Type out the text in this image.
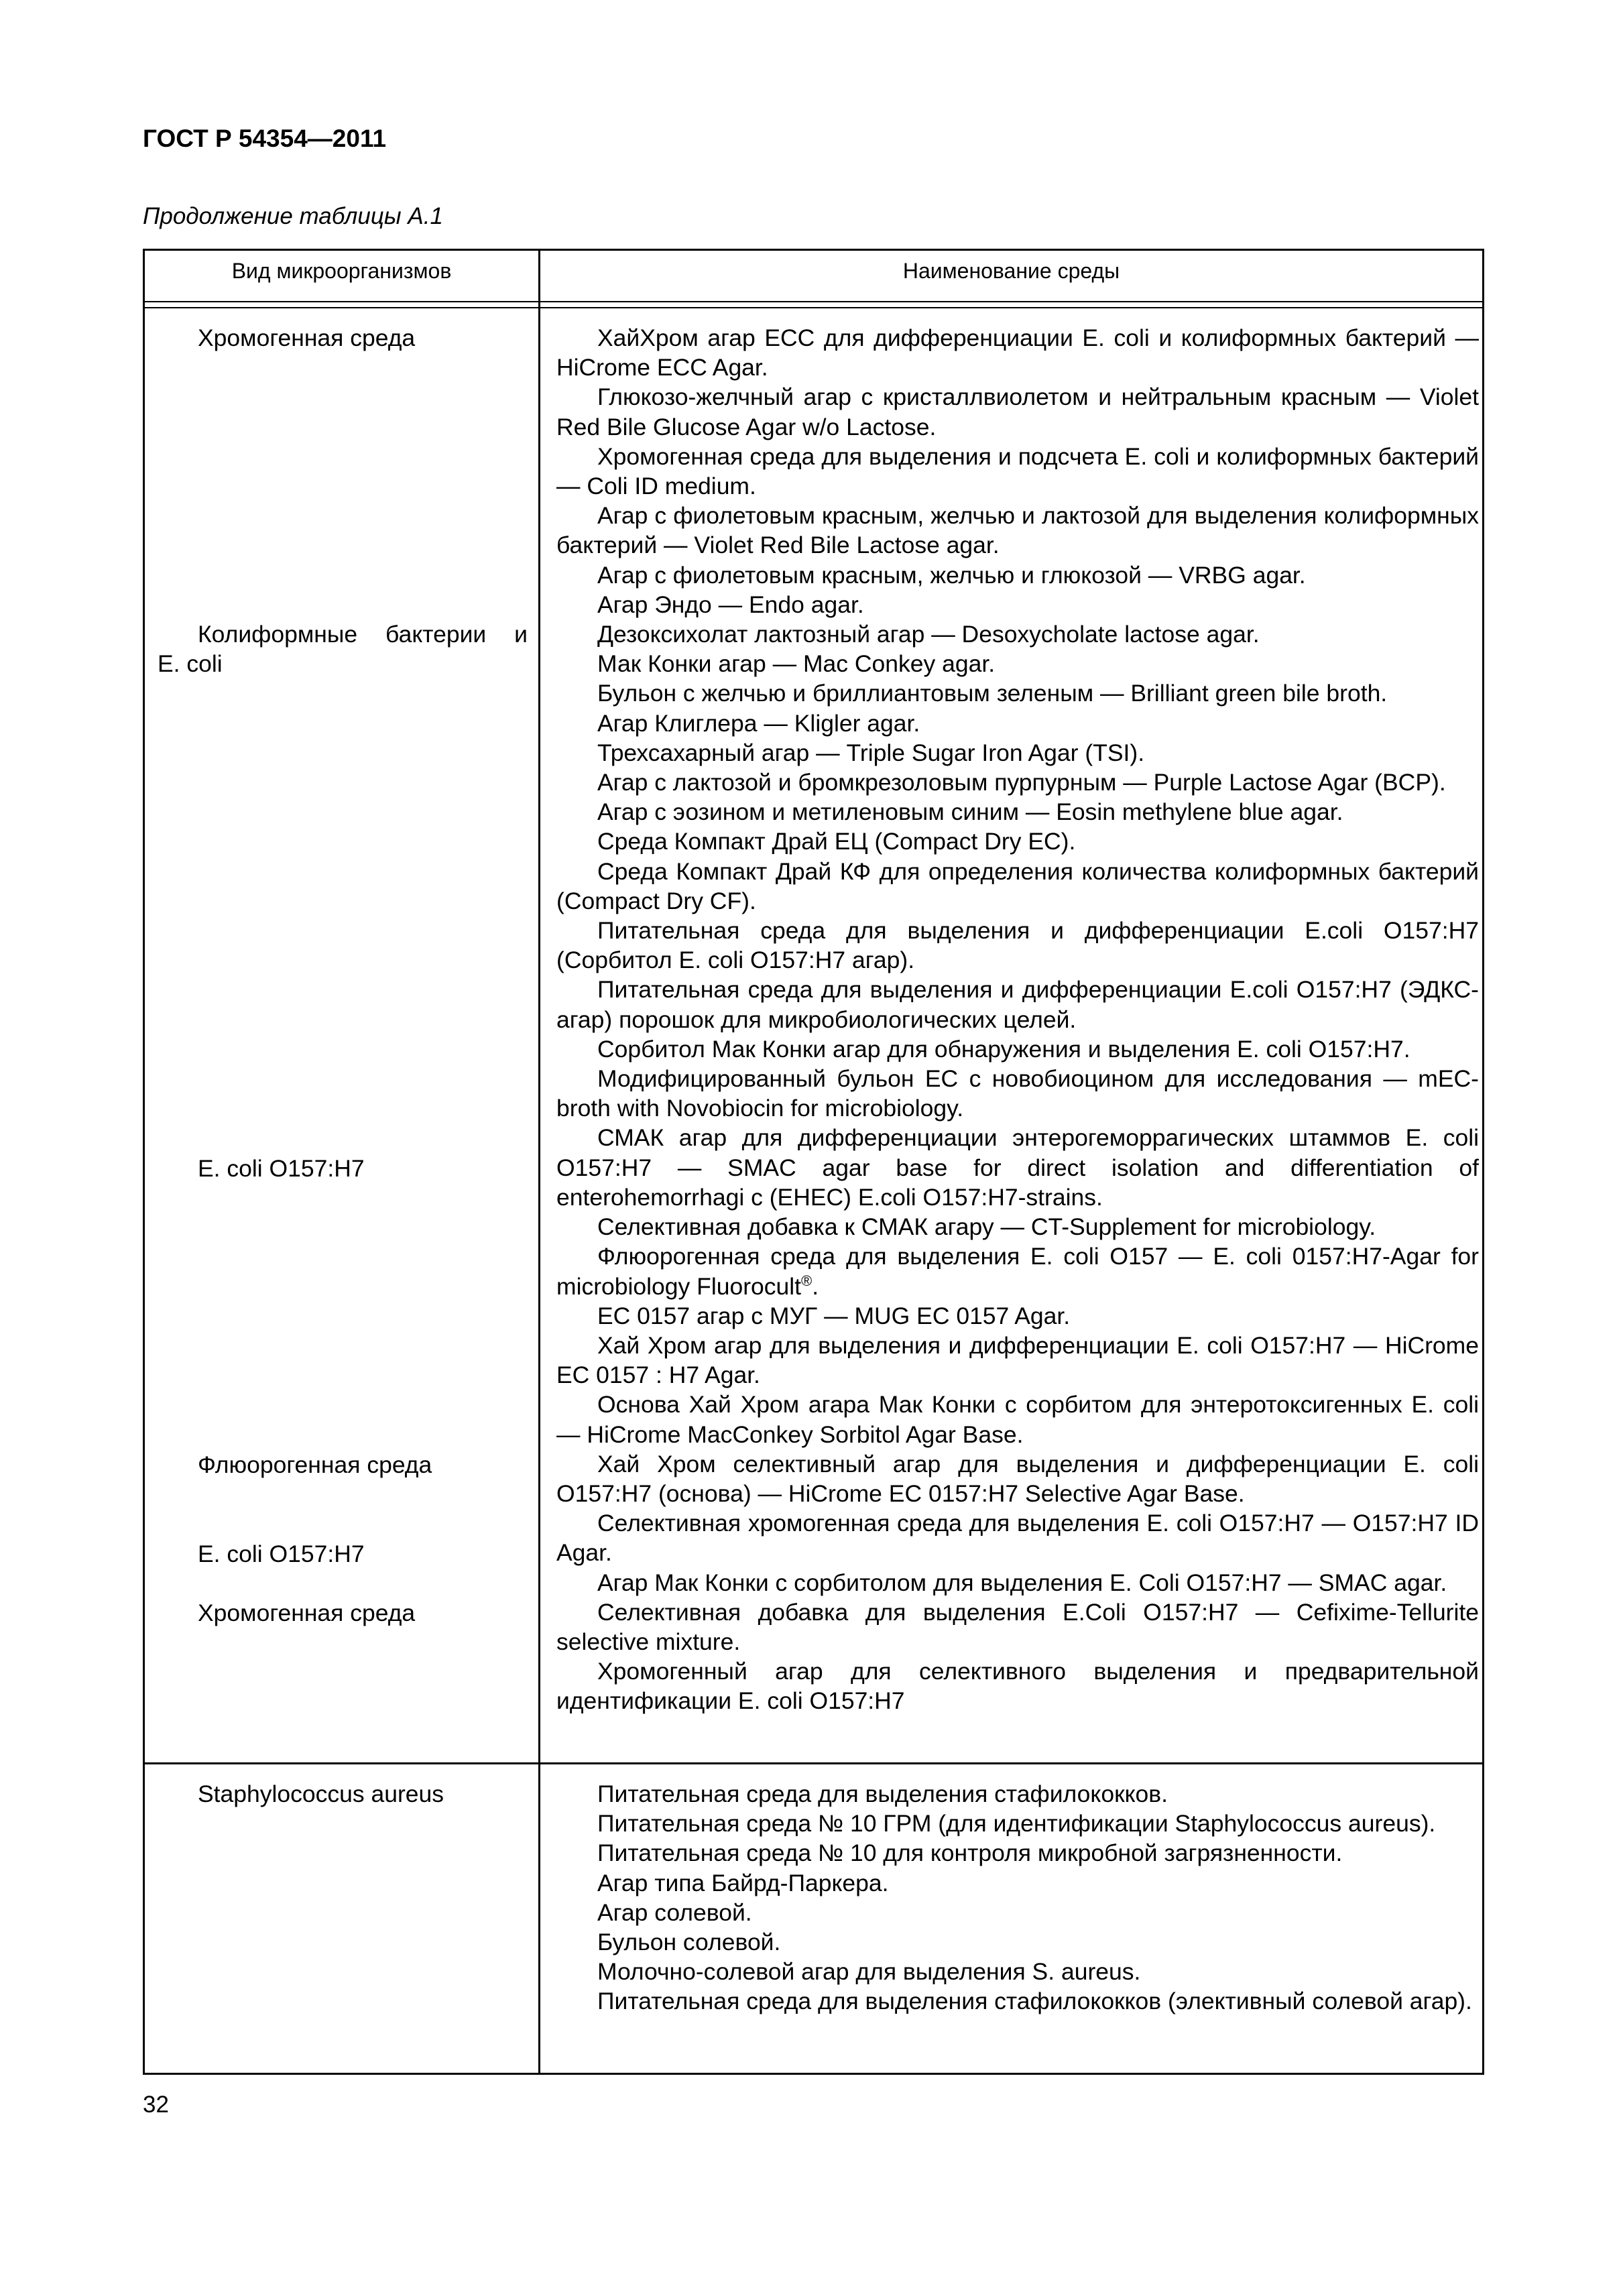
ГОСТ Р 54354—2011
Продолжение таблицы А.1
Вид микроорганизмов	Наименование среды
Хромогенная среда
Колиформные бактерии и
E. coli
E. coli O157:H7
Флюорогенная среда
E. coli O157:H7
Хромогенная среда
ХайХром агар ЕСС для дифференциации E. coli и колиформных бактерий — HiCrome ECC Agar.
Глюкозо-желчный агар с кристаллвиолетом и нейтральным красным — Violet Red Bile Glucose Agar w/o Lactose.
Хромогенная среда для выделения и подсчета E. coli и колиформных бактерий — Coli ID medium.
Агар с фиолетовым красным, желчью и лактозой для выделения колиформных бактерий — Violet Red Bile Lactose agar.
Агар с фиолетовым красным, желчью и глюкозой — VRBG agar.
Агар Эндо — Endo agar.
Дезоксихолат лактозный агар — Desoxycholate lactose agar.
Мак Конки агар — Mac Conkey agar.
Бульон с желчью и бриллиантовым зеленым — Brilliant green bile broth.
Агар Клиглера — Kligler agar.
Трехсахарный агар — Triple Sugar Iron Agar (TSI).
Агар с лактозой и бромкрезоловым пурпурным — Purple Lactose Agar (BCP).
Агар с эозином и метиленовым синим — Eosin methylene blue agar.
Среда Компакт Драй ЕЦ (Compact Dry EC).
Среда Компакт Драй КФ для определения количества колиформных бактерий (Compact Dry CF).
Питательная среда для выделения и дифференциации E.coli O157:H7 (Сорбитол E. coli O157:H7 агар).
Питательная среда для выделения и дифференциации E.coli O157:H7 (ЭДКС-агар) порошок для микробиологических целей.
Сорбитол Мак Конки агар для обнаружения и выделения E. coli O157:H7.
Модифицированный бульон ЕС с новобиоцином для исследования — mEC-broth with Novobiocin for microbiology.
СМАК агар для дифференциации энтерогеморрагических штаммов E. coli O157:H7 — SMAC agar base for direct isolation and differentiation of enterohemorrhagi c (EHEC) E.coli O157:H7-strains.
Селективная добавка к СМАК агару — CT-Supplement for microbiology.
Флюорогенная среда для выделения E. coli O157 — E. coli 0157:H7-Agar for microbiology Fluorocult®.
ЕС 0157 агар с МУГ — MUG EC 0157 Agar.
Хай Хром агар для выделения и дифференциации E. coli O157:H7 — HiCrome EC 0157 : H7 Agar.
Основа Хай Хром агара Мак Конки с сорбитом для энтеротоксигенных E. coli — HiCrome MacConkey Sorbitol Agar Base.
Хай Хром селективный агар для выделения и дифференциации E. coli O157:H7 (основа) — HiCrome EC 0157:H7 Selective Agar Base.
Селективная хромогенная среда для выделения E. coli O157:H7 — O157:H7 ID Agar.
Агар Мак Конки с сорбитолом для выделения E. Coli O157:H7 — SMAC agar.
Селективная добавка для выделения E.Coli O157:H7 — Cefixime-Tellurite selective mixture.
Хромогенный агар для селективного выделения и предварительной идентификации E. coli O157:H7
Staphylococcus aureus	Питательная среда для выделения стафилококков.
Питательная среда № 10 ГРМ (для идентификации Staphylococcus aureus).
Питательная среда № 10 для контроля микробной загрязненности.
Агар типа Байрд-Паркера.
Агар солевой.
Бульон солевой.
Молочно-солевой агар для выделения S. aureus.
Питательная среда для выделения стафилококков (элективный солевой агар).
32
